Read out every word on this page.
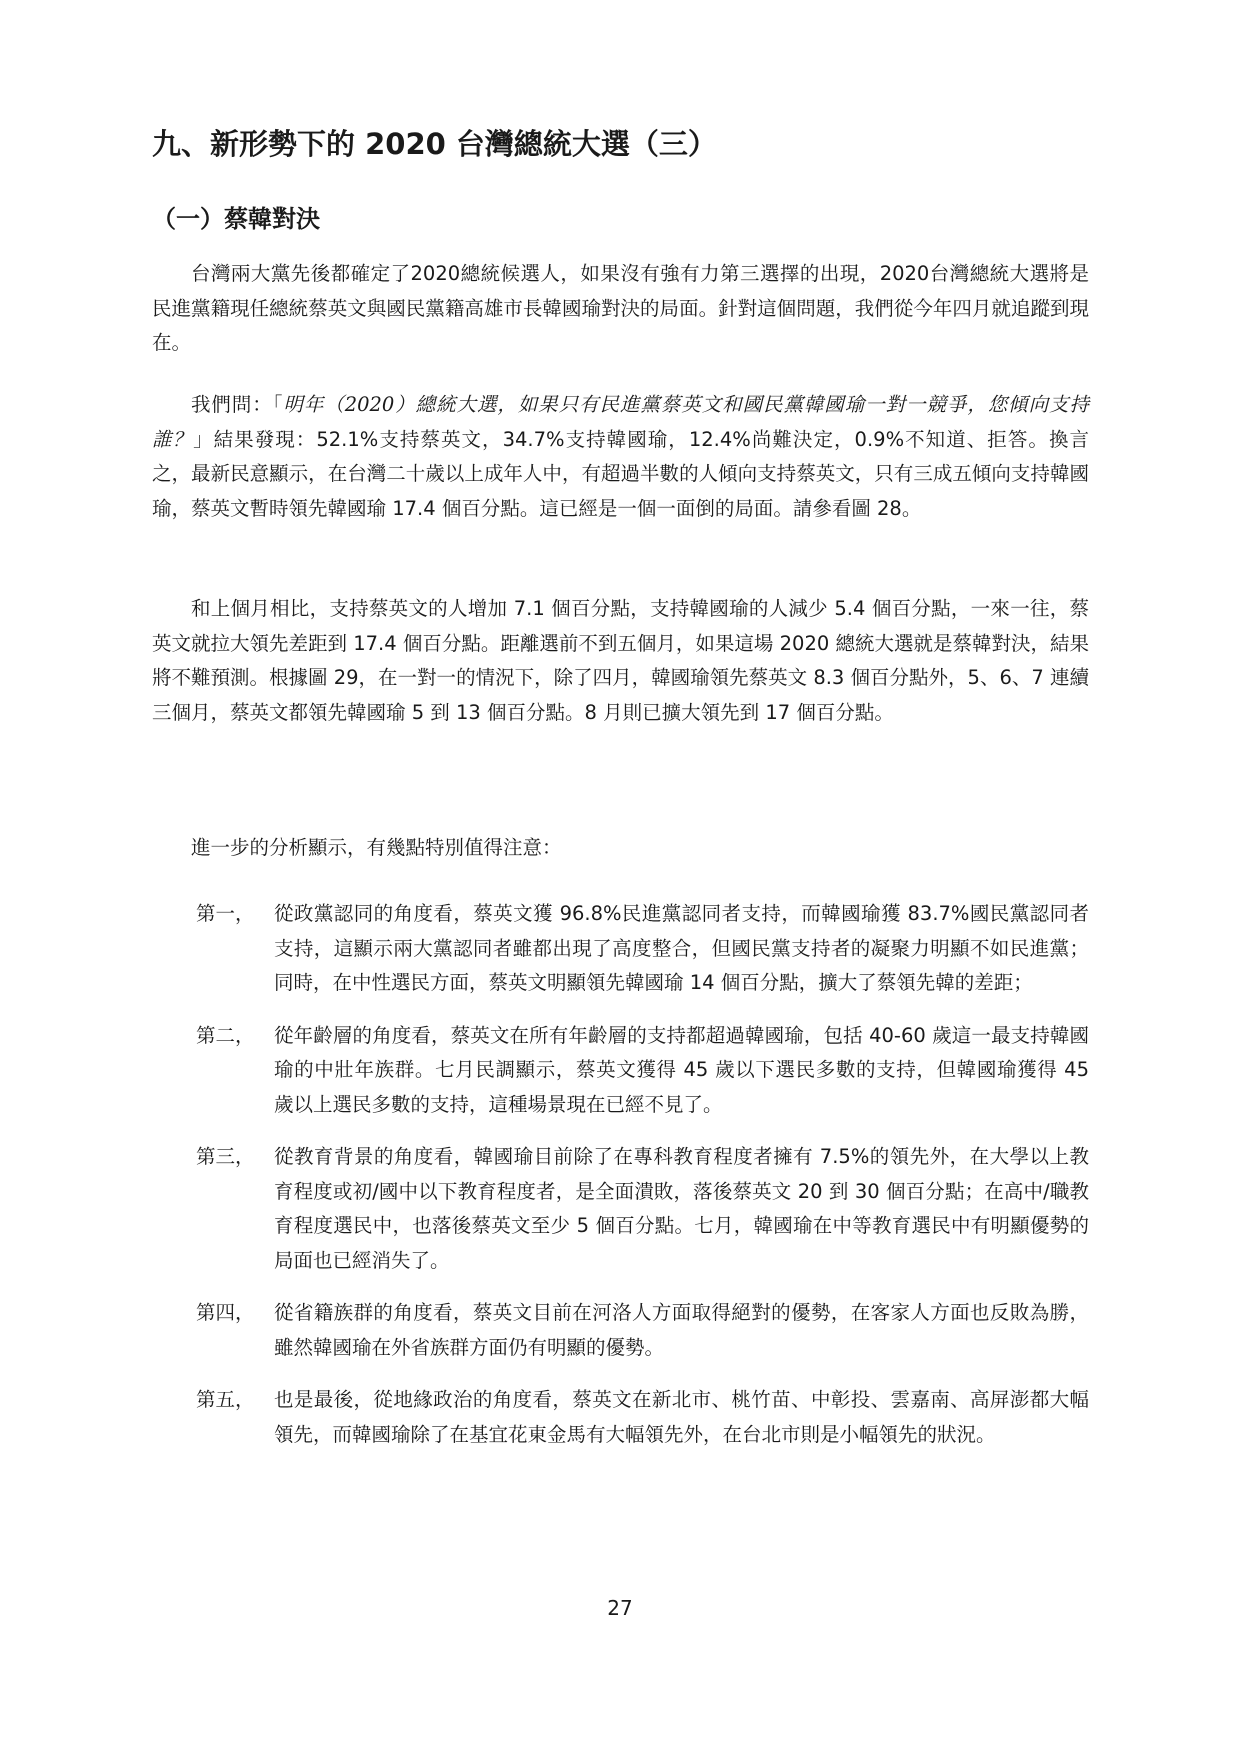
九、新形勢下的 2020 台灣總統大選（三）
（一）蔡韓對決

台灣兩大黨先後都確定了2020總統候選人，如果沒有強有力第三選擇的出現，2020台灣總統大選將是民進黨籍現任總統蔡英文與國民黨籍高雄市長韓國瑜對決的局面。針對這個問題，我們從今年四月就追蹤到現在。

我們問：「明年（2020）總統大選，如果只有民進黨蔡英文和國民黨韓國瑜一對一競爭，您傾向支持誰？」結果發現：52.1%支持蔡英文，34.7%支持韓國瑜，12.4%尚難決定，0.9%不知道、拒答。換言之，最新民意顯示，在台灣二十歲以上成年人中，有超過半數的人傾向支持蔡英文，只有三成五傾向支持韓國瑜，蔡英文暫時領先韓國瑜 17.4 個百分點。這已經是一個一面倒的局面。請參看圖 28。

和上個月相比，支持蔡英文的人增加 7.1 個百分點，支持韓國瑜的人減少 5.4 個百分點，一來一往，蔡英文就拉大領先差距到 17.4 個百分點。距離選前不到五個月，如果這場 2020 總統大選就是蔡韓對決，結果將不難預測。根據圖 29，在一對一的情況下，除了四月，韓國瑜領先蔡英文 8.3 個百分點外，5、6、7 連續三個月，蔡英文都領先韓國瑜 5 到 13 個百分點。8 月則已擴大領先到 17 個百分點。

進一步的分析顯示，有幾點特別值得注意：

第一， 從政黨認同的角度看，蔡英文獲 96.8%民進黨認同者支持，而韓國瑜獲 83.7%國民黨認同者支持，這顯示兩大黨認同者雖都出現了高度整合，但國民黨支持者的凝聚力明顯不如民進黨；同時，在中性選民方面，蔡英文明顯領先韓國瑜 14 個百分點，擴大了蔡領先韓的差距；
第二， 從年齡層的角度看，蔡英文在所有年齡層的支持都超過韓國瑜，包括 40-60 歲這一最支持韓國瑜的中壯年族群。七月民調顯示，蔡英文獲得 45 歲以下選民多數的支持，但韓國瑜獲得 45 歲以上選民多數的支持，這種場景現在已經不見了。
第三， 從教育背景的角度看，韓國瑜目前除了在專科教育程度者擁有 7.5%的領先外，在大學以上教育程度或初/國中以下教育程度者，是全面潰敗，落後蔡英文 20 到 30 個百分點；在高中/職教育程度選民中，也落後蔡英文至少 5 個百分點。七月，韓國瑜在中等教育選民中有明顯優勢的局面也已經消失了。
第四， 從省籍族群的角度看，蔡英文目前在河洛人方面取得絕對的優勢，在客家人方面也反敗為勝，雖然韓國瑜在外省族群方面仍有明顯的優勢。
第五， 也是最後，從地緣政治的角度看，蔡英文在新北市、桃竹苗、中彰投、雲嘉南、高屏澎都大幅領先，而韓國瑜除了在基宜花東金馬有大幅領先外，在台北市則是小幅領先的狀況。
27
